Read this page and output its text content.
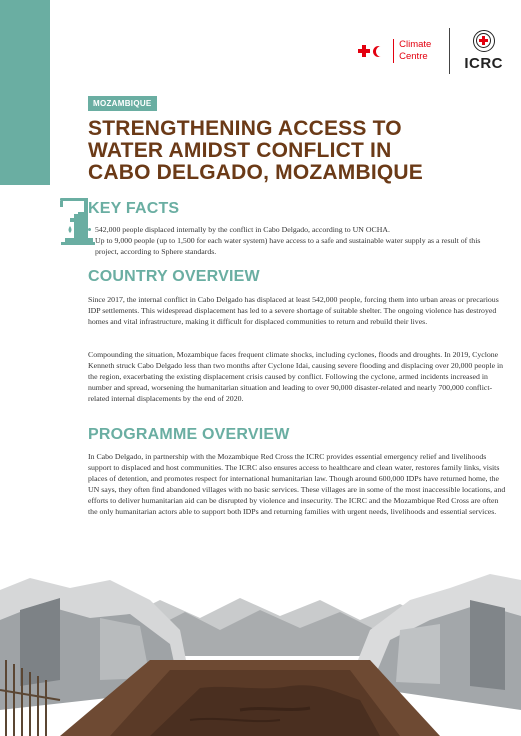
Climate
Centre ICRC
MOZAMBIQUE
STRENGTHENING ACCESS TO
WATER AMIDST CONFLICT IN
CABO DELGADO, MOZAMBIQUE
KEY FACTS
542,000 people displaced internally by the conflict in Cabo Delgado, according to UN OCHA.
Up to 9,000 people (up to 1,500 for each water system) have access to a safe and sustainable water supply as a result of this project, according to Sphere standards.
COUNTRY OVERVIEW

Since 2017, the internal conflict in Cabo Delgado has displaced at least 542,000 people, forcing them into urban areas or precarious IDP settlements. This widespread displacement has led to a severe shortage of suitable shelter. The ongoing violence has destroyed homes and vital infrastructure, making it difficult for displaced communities to return and rebuild their lives.

Compounding the situation, Mozambique faces frequent climate shocks, including cyclones, floods and droughts. In 2019, Cyclone Kenneth struck Cabo Delgado less than two months after Cyclone Idai, causing severe flooding and displacing over 20,000 people in the region, exacerbating the existing displacement crisis caused by conflict. Following the cyclone, armed incidents increased in number and spread, worsening the humanitarian situation and leading to over 90,000 disaster-related and nearly 700,000 conflict-related internal displacements by the end of 2020.

PROGRAMME OVERVIEW

In Cabo Delgado, in partnership with the Mozambique Red Cross the ICRC provides essential emergency relief and livelihoods support to displaced and host communities. The ICRC also ensures access to healthcare and clean water, restores family links, visits places of detention, and promotes respect for international humanitarian law. Though around 600,000 IDPs have returned home, the UN says, they often find abandoned villages with no basic services. These villages are in some of the most inaccessible locations, and efforts to deliver humanitarian aid can be disrupted by violence and insecurity. The ICRC and the Mozambique Red Cross are often the only humanitarian actors able to support both IDPs and returning families with urgent needs, livelihoods and essential services.
